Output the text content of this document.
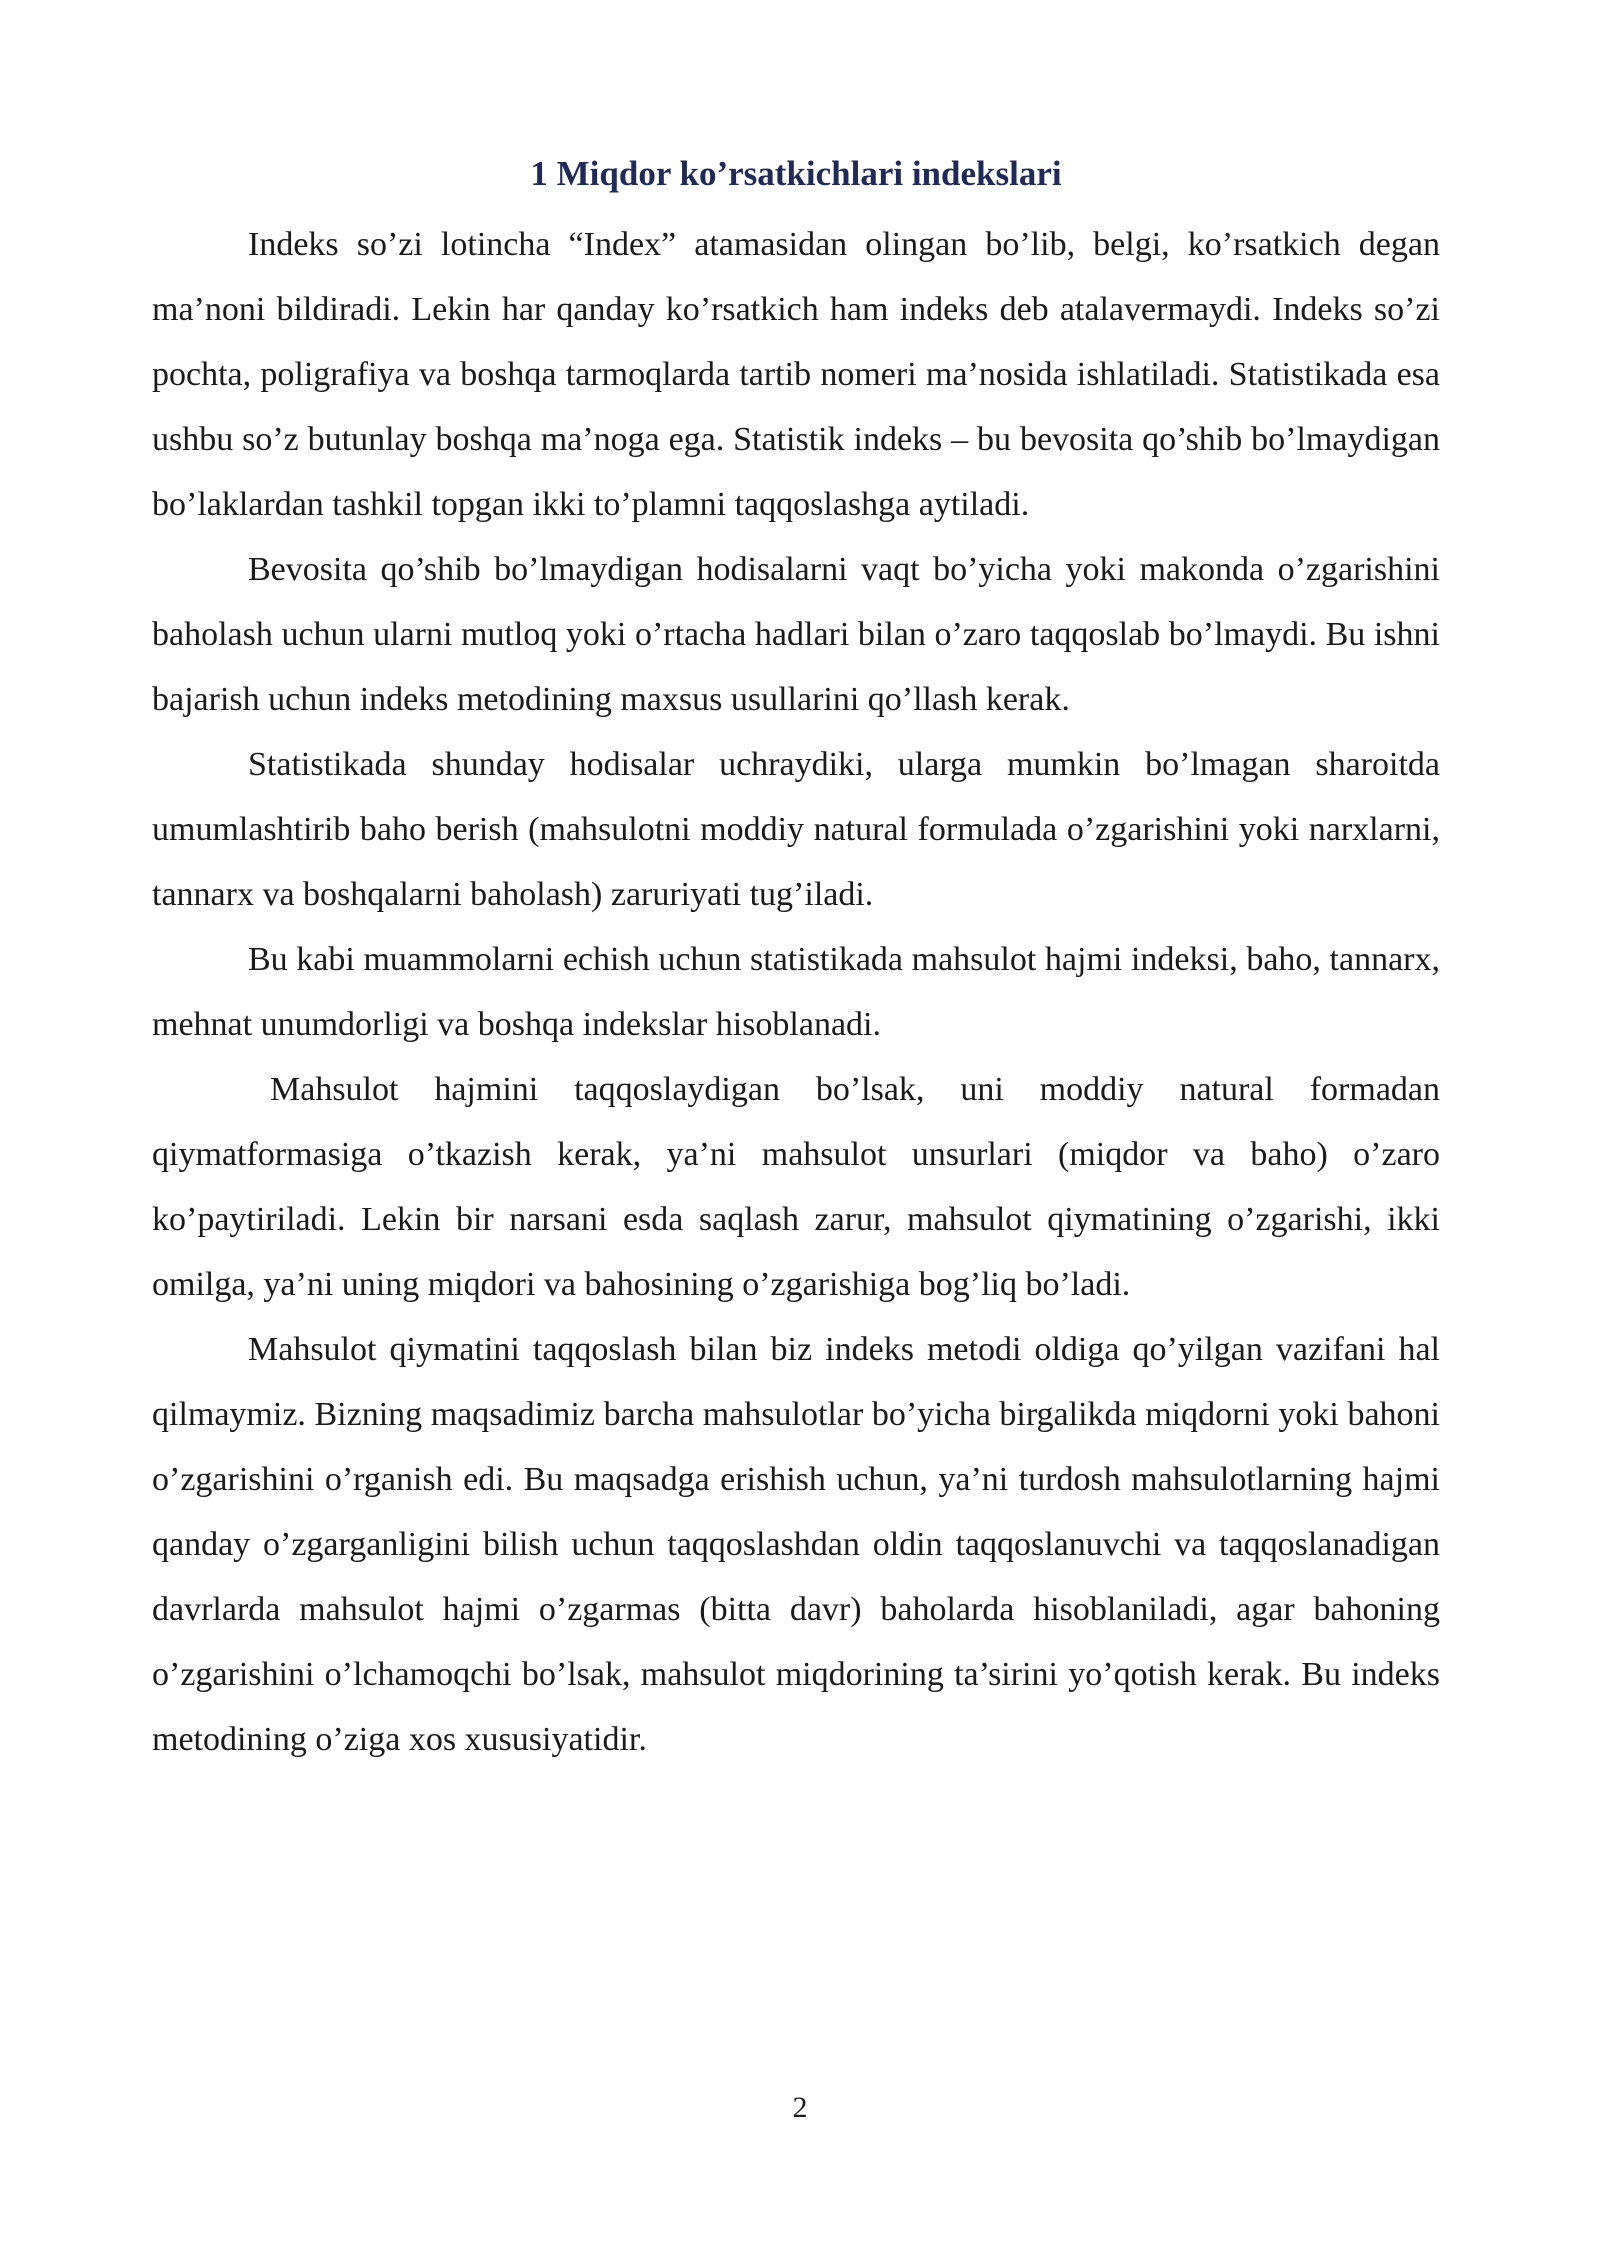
1 Miqdor ko’rsatkichlari indekslari

Indeks so’zi lotincha “Index” atamasidan olingan bo’lib, belgi, ko’rsatkich degan ma’noni bildiradi. Lekin har qanday ko’rsatkich ham indeks deb atalavermaydi. Indeks so’zi pochta, poligrafiya va boshqa tarmoqlarda tartib nomeri ma’nosida ishlatiladi. Statistikada esa ushbu so’z butunlay boshqa ma’noga ega. Statistik indeks – bu bevosita qo’shib bo’lmaydigan bo’laklardan tashkil topgan ikki to’plamni taqqoslashga aytiladi.

Bevosita qo’shib bo’lmaydigan hodisalarni vaqt bo’yicha yoki makonda o’zgarishini baholash uchun ularni mutloq yoki o’rtacha hadlari bilan o’zaro taqqoslab bo’lmaydi. Bu ishni bajarish uchun indeks metodining maxsus usullarini qo’llash kerak.

Statistikada shunday hodisalar uchraydiki, ularga mumkin bo’lmagan sharoitda umumlashtirib baho berish (mahsulotni moddiy natural formulada o’zgarishini yoki narxlarni, tannarx va boshqalarni baholash) zaruriyati tug’iladi.

Bu kabi muammolarni echish uchun statistikada mahsulot hajmi indeksi, baho, tannarx, mehnat unumdorligi va boshqa indekslar hisoblanadi.

Mahsulot hajmini taqqoslaydigan bo’lsak, uni moddiy natural formadan qiymatformasiga o’tkazish kerak, ya’ni mahsulot unsurlari (miqdor va baho) o’zaro ko’paytiriladi. Lekin bir narsani esda saqlash zarur, mahsulot qiymatining o’zgarishi, ikki omilga, ya’ni uning miqdori va bahosining o’zgarishiga bog’liq bo’ladi.

Mahsulot qiymatini taqqoslash bilan biz indeks metodi oldiga qo’yilgan vazifani hal qilmaymiz. Bizning maqsadimiz barcha mahsulotlar bo’yicha birgalikda miqdorni yoki bahoni o’zgarishini o’rganish edi. Bu maqsadga erishish uchun, ya’ni turdosh mahsulotlarning hajmi qanday o’zgarganligini bilish uchun taqqoslashdan oldin taqqoslanuvchi va taqqoslanadigan davrlarda mahsulot hajmi o’zgarmas (bitta davr) baholarda hisoblaniladi, agar bahoning o’zgarishini o’lchamoqchi bo’lsak, mahsulot miqdorining ta’sirini yo’qotish kerak. Bu indeks metodining o’ziga xos xususiyatidir.

2
